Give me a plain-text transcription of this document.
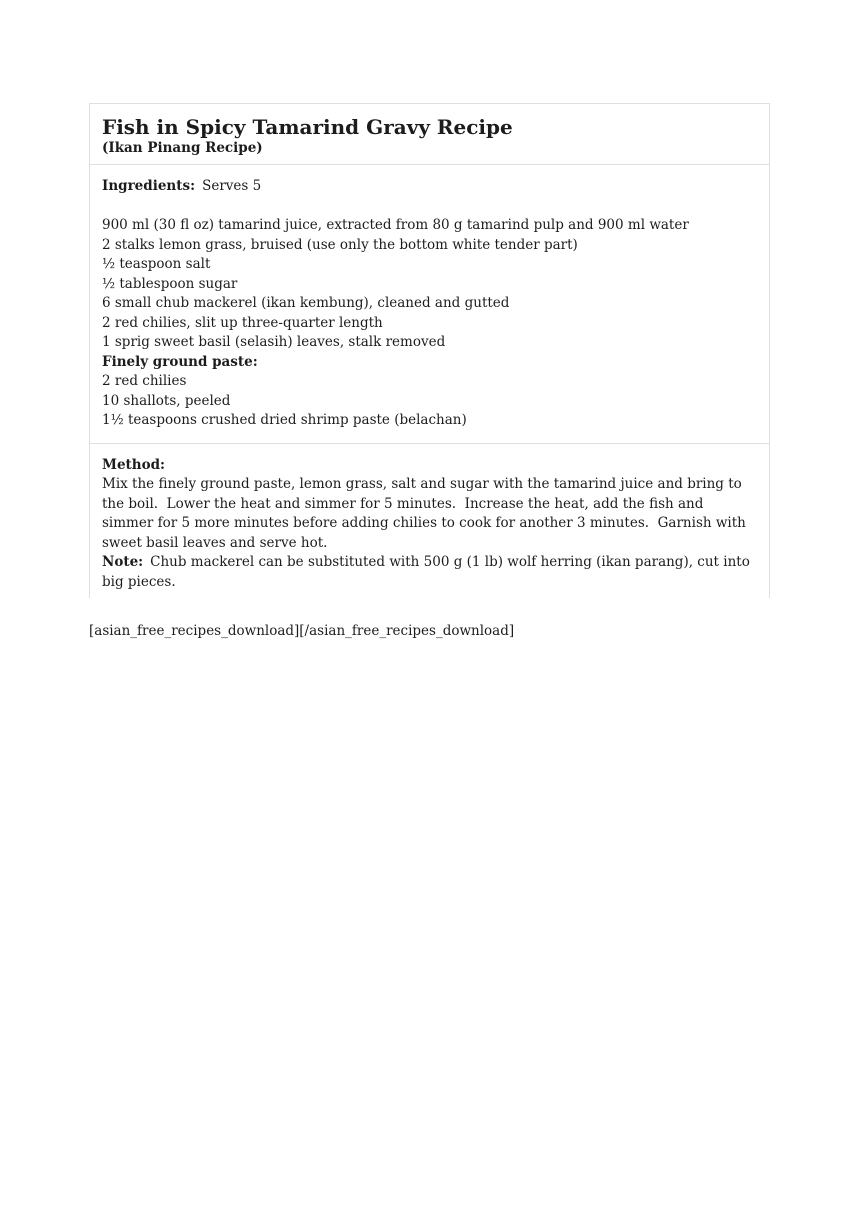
Fish in Spicy Tamarind Gravy Recipe
(Ikan Pinang Recipe)
Ingredients: Serves 5
900 ml (30 fl oz) tamarind juice, extracted from 80 g tamarind pulp and 900 ml water
2 stalks lemon grass, bruised (use only the bottom white tender part)
½ teaspoon salt
½ tablespoon sugar
6 small chub mackerel (ikan kembung), cleaned and gutted
2 red chilies, slit up three-quarter length
1 sprig sweet basil (selasih) leaves, stalk removed
Finely ground paste:
2 red chilies
10 shallots, peeled
1½ teaspoons crushed dried shrimp paste (belachan)
Method:

Mix the finely ground paste, lemon grass, salt and sugar with the tamarind juice and bring to the boil.  Lower the heat and simmer for 5 minutes.  Increase the heat, add the fish and simmer for 5 more minutes before adding chilies to cook for another 3 minutes.  Garnish with sweet basil leaves and serve hot.

Note: Chub mackerel can be substituted with 500 g (1 lb) wolf herring (ikan parang), cut into big pieces.

[asian_free_recipes_download][/asian_free_recipes_download]
